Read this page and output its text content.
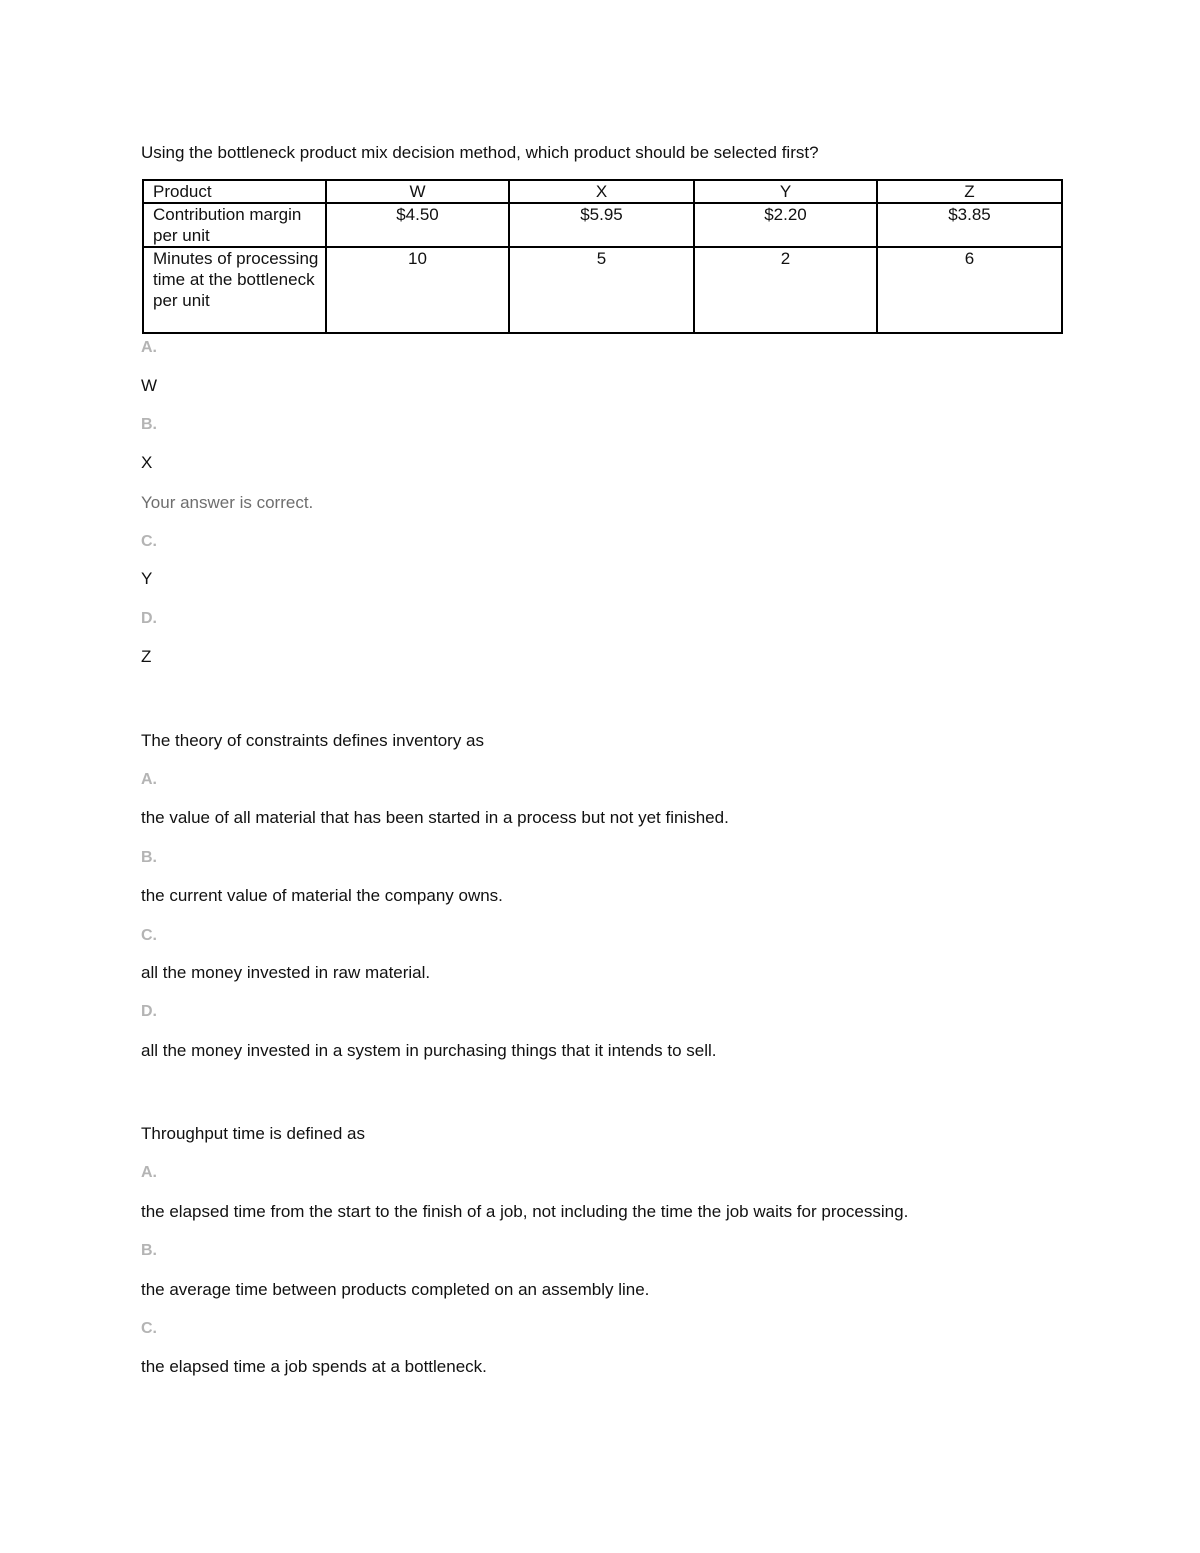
Using the bottleneck product mix decision method, which product should be selected first?
Product	W	X	Y	Z
Contribution margin per unit	$4.50	$5.95	$2.20	$3.85
Minutes of processing time at the bottleneck per unit	10	5	2	6
A.
W
B.
X
Your answer is correct.
C.
Y
D.
Z
The theory of constraints defines inventory as
A.
the value of all material that has been started in a process but not yet finished.
B.
the current value of material the company owns.
C.
all the money invested in raw material.
D.
all the money invested in a system in purchasing things that it intends to sell.
Throughput time is defined as
A.
the elapsed time from the start to the finish of a job, not including the time the job waits for processing.
B.
the average time between products completed on an assembly line.
C.
the elapsed time a job spends at a bottleneck.
